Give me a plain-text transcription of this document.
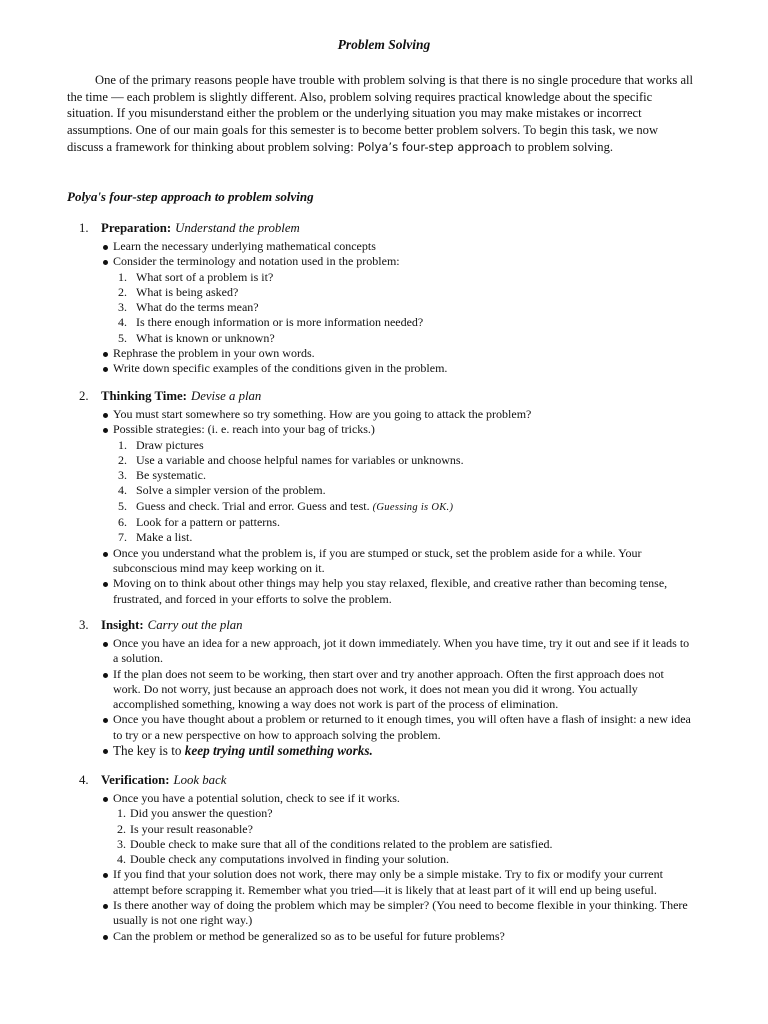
Problem Solving

One of the primary reasons people have trouble with problem solving is that there is no single procedure that works all the time — each problem is slightly different. Also, problem solving requires practical knowledge about the specific situation. If you misunderstand either the problem or the underlying situation you may make mistakes or incorrect assumptions. One of our main goals for this semester is to become better problem solvers. To begin this task, we now discuss a framework for thinking about problem solving: Polya’s four-step approach to problem solving.

Polya's four-step approach to problem solving
1. Preparation: Understand the problem
Learn the necessary underlying mathematical concepts
Consider the terminology and notation used in the problem:
1. What sort of a problem is it?
2. What is being asked?
3. What do the terms mean?
4. Is there enough information or is more information needed?
5. What is known or unknown?
Rephrase the problem in your own words.
Write down specific examples of the conditions given in the problem.
2. Thinking Time: Devise a plan
You must start somewhere so try something. How are you going to attack the problem?
Possible strategies: (i. e. reach into your bag of tricks.)
1. Draw pictures
2. Use a variable and choose helpful names for variables or unknowns.
3. Be systematic.
4. Solve a simpler version of the problem.
5. Guess and check. Trial and error. Guess and test. (Guessing is OK.)
6. Look for a pattern or patterns.
7. Make a list.
Once you understand what the problem is, if you are stumped or stuck, set the problem aside for a while. Your subconscious mind may keep working on it.
Moving on to think about other things may help you stay relaxed, flexible, and creative rather than becoming tense, frustrated, and forced in your efforts to solve the problem.
3. Insight: Carry out the plan
Once you have an idea for a new approach, jot it down immediately. When you have time, try it out and see if it leads to a solution.
If the plan does not seem to be working, then start over and try another approach. Often the first approach does not work. Do not worry, just because an approach does not work, it does not mean you did it wrong. You actually accomplished something, knowing a way does not work is part of the process of elimination.
Once you have thought about a problem or returned to it enough times, you will often have a flash of insight: a new idea to try or a new perspective on how to approach solving the problem.
The key is to keep trying until something works.
4. Verification: Look back
Once you have a potential solution, check to see if it works.
1. Did you answer the question?
2. Is your result reasonable?
3. Double check to make sure that all of the conditions related to the problem are satisfied.
4. Double check any computations involved in finding your solution.
If you find that your solution does not work, there may only be a simple mistake. Try to fix or modify your current attempt before scrapping it. Remember what you tried—it is likely that at least part of it will end up being useful.
Is there another way of doing the problem which may be simpler? (You need to become flexible in your thinking. There usually is not one right way.)
Can the problem or method be generalized so as to be useful for future problems?
